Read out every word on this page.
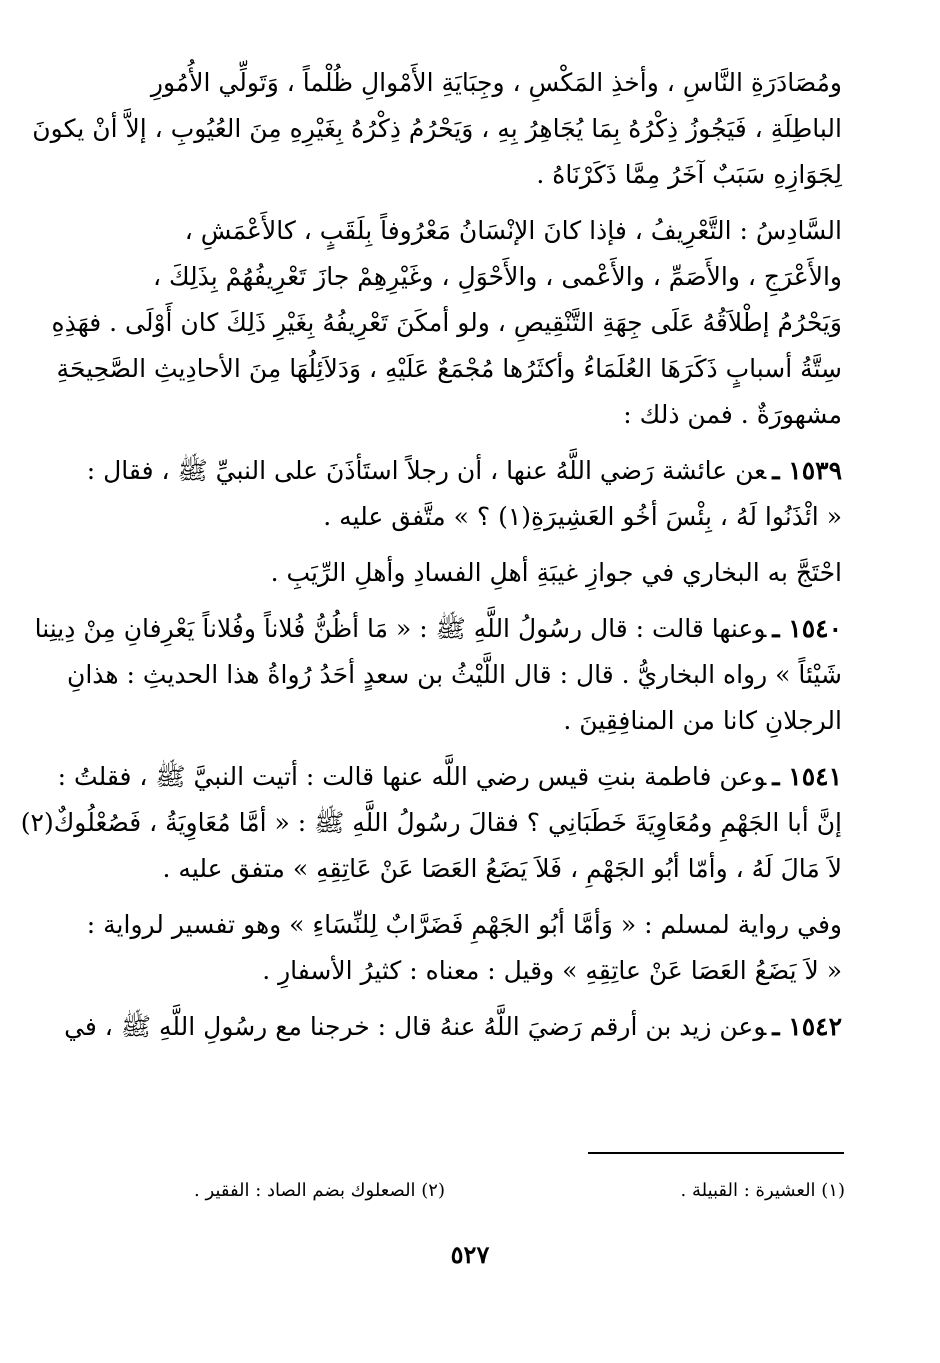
ومُصَادَرَةِ النَّاسِ ، وأخذِ المَكْسِ ، وجِبَايَةِ الأَمْوالِ ظُلْماً ، وَتَولِّي الأُمُورِ
الباطِلَةِ ، فَيَجُوزُ ذِكْرُهُ بِمَا يُجَاهِرُ بِهِ ، وَيَحْرُمُ ذِكْرُهُ بِغَيْرِهِ مِنَ العُيُوبِ ، إلاَّ أنْ يكونَ
لِجَوَازِهِ سَبَبٌ آخَرُ مِمَّا ذَكَرْنَاهُ .
السَّادِسُ : التَّعْرِيفُ ، فإذا كانَ الإنْسَانُ مَعْرُوفاً بِلَقَبٍ ، كالأَعْمَشِ ،
والأَعْرَجِ ، والأَصَمِّ ، والأَعْمى ، والأَحْوَلِ ، وغَيْرِهِمْ جازَ تَعْرِيفُهُمْ بِذَلِكَ ،
وَيَحْرُمُ إطْلاَقُهُ عَلَى جِهَةِ التَّنْقِيصِ ، ولو أمكَنَ تَعْرِيفُهُ بِغَيْرِ ذَلِكَ كان أَوْلَى . فهَذِهِ
سِتَّةُ أسبابٍ ذَكَرَهَا العُلَمَاءُ وأكثَرُها مُجْمَعٌ عَلَيْهِ ، وَدَلاَئِلُهَا مِنَ الأحادِيثِ الصَّحِيحَةِ
مشهورَةٌ . فمن ذلك :
١٥٣٩ ـعن عائشة رَضي اللَّهُ عنها ، أن رجلاً استَأذَنَ على النبيِّ ﷺ ، فقال :
« ائْذَنُوا لَهُ ، بِئْسَ أخُو العَشِيرَةِ(١) ؟ » متَّفق عليه .
احْتَجَّ به البخاري في جوازِ غيبَةِ أهلِ الفسادِ وأهلِ الرِّيَبِ .
١٥٤٠ ـوعنها قالت : قال رسُولُ اللَّهِ ﷺ : « مَا أظُنُّ فُلاناً وفُلاناً يَعْرِفانِ مِنْ دِينِنا
شَيْئاً » رواه البخاريُّ . قال : قال اللَّيْثُ بن سعدٍ أحَدُ رُواةُ هذا الحديثِ : هذانِ
الرجلانِ كانا من المنافِقِينَ .
١٥٤١ ـوعن فاطمة بنتِ قيس رضي اللَّه عنها قالت : أتيت النبيَّ ﷺ ، فقلتُ :
إنَّ أبا الجَهْمِ ومُعَاوِيَةَ خَطَبَانِي ؟ فقالَ رسُولُ اللَّهِ ﷺ : « أمَّا مُعَاوِيَةُ ، فَصُعْلُوكٌ(٢)
لاَ مَالَ لَهُ ، وأمّا أبُو الجَهْمِ ، فَلاَ يَضَعُ العَصَا عَنْ عَاتِقِهِ » متفق عليه .
وفي رواية لمسلم : « وَأمَّا أبُو الجَهْمِ فَضَرَّابٌ لِلنِّسَاءِ » وهو تفسير لرواية :
« لاَ يَضَعُ العَصَا عَنْ عاتِقِهِ » وقيل : معناه : كثيرُ الأسفارِ .
١٥٤٢ ـوعن زيد بن أرقم رَضيَ اللَّهُ عنهُ قال : خرجنا مع رسُولِ اللَّهِ ﷺ ، في
(١) العشيرة : القبيلة .
(٢) الصعلوك بضم الصاد : الفقير .
٥٢٧
